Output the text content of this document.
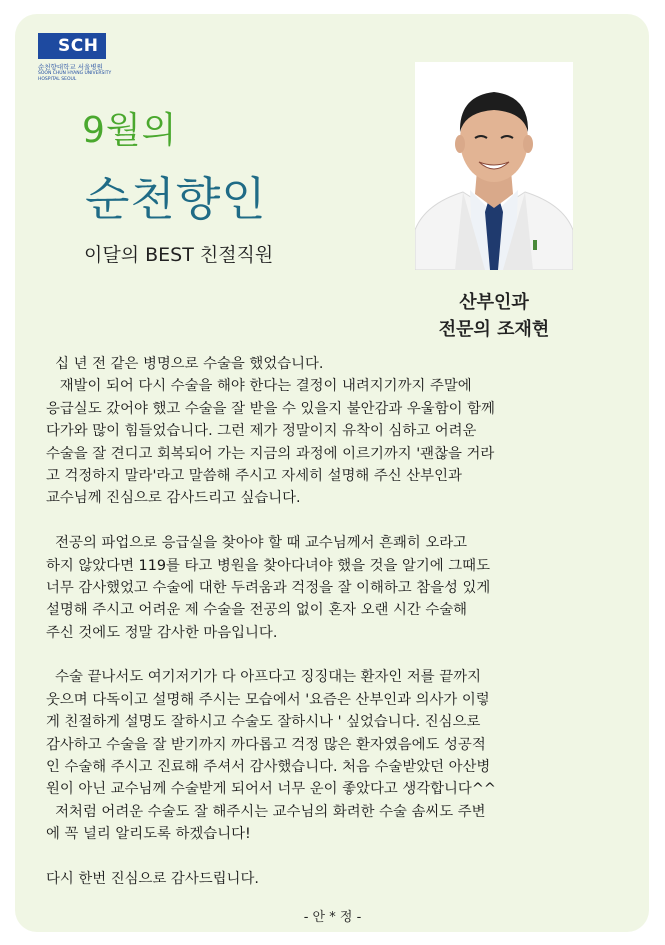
SCH
순천향대학교 서울병원
SOON CHUN HYANG UNIVERSITY
HOSPITAL SEOUL
9월의
순천향인
이달의 BEST 친절직원
산부인과
전문의 조재현
십 년 전 같은 병명으로 수술을 했었습니다.
재발이 되어 다시 수술을 해야 한다는 결정이 내려지기까지 주말에
응급실도 갔어야 했고 수술을 잘 받을 수 있을지 불안감과 우울함이 함께
다가와 많이 힘들었습니다. 그런 제가 정말이지 유착이 심하고 어려운
수술을 잘 견디고 회복되어 가는 지금의 과정에 이르기까지 '괜찮을 거라
고 걱정하지 말라'라고 말씀해 주시고 자세히 설명해 주신 산부인과
교수님께 진심으로 감사드리고 싶습니다.
전공의 파업으로 응급실을 찾아야 할 때 교수님께서 흔쾌히 오라고
하지 않았다면 119를 타고 병원을 찾아다녀야 했을 것을 알기에 그때도
너무 감사했었고 수술에 대한 두려움과 걱정을 잘 이해하고 참을성 있게
설명해 주시고 어려운 제 수술을 전공의 없이 혼자 오랜 시간 수술해
주신 것에도 정말 감사한 마음입니다.
수술 끝나서도 여기저기가 다 아프다고 징징대는 환자인 저를 끝까지
웃으며 다독이고 설명해 주시는 모습에서 '요즘은 산부인과 의사가 이렇
게 친절하게 설명도 잘하시고 수술도 잘하시나 ' 싶었습니다. 진심으로
감사하고 수술을 잘 받기까지 까다롭고 걱정 많은 환자였음에도 성공적
인 수술해 주시고 진료해 주셔서 감사했습니다. 처음 수술받았던 아산병
원이 아닌 교수님께 수술받게 되어서 너무 운이 좋았다고 생각합니다^^
저처럼 어려운 수술도 잘 해주시는 교수님의 화려한 수술 솜씨도 주변
에 꼭 널리 알리도록 하겠습니다!
다시 한번 진심으로 감사드립니다.
- 안 * 정 -
